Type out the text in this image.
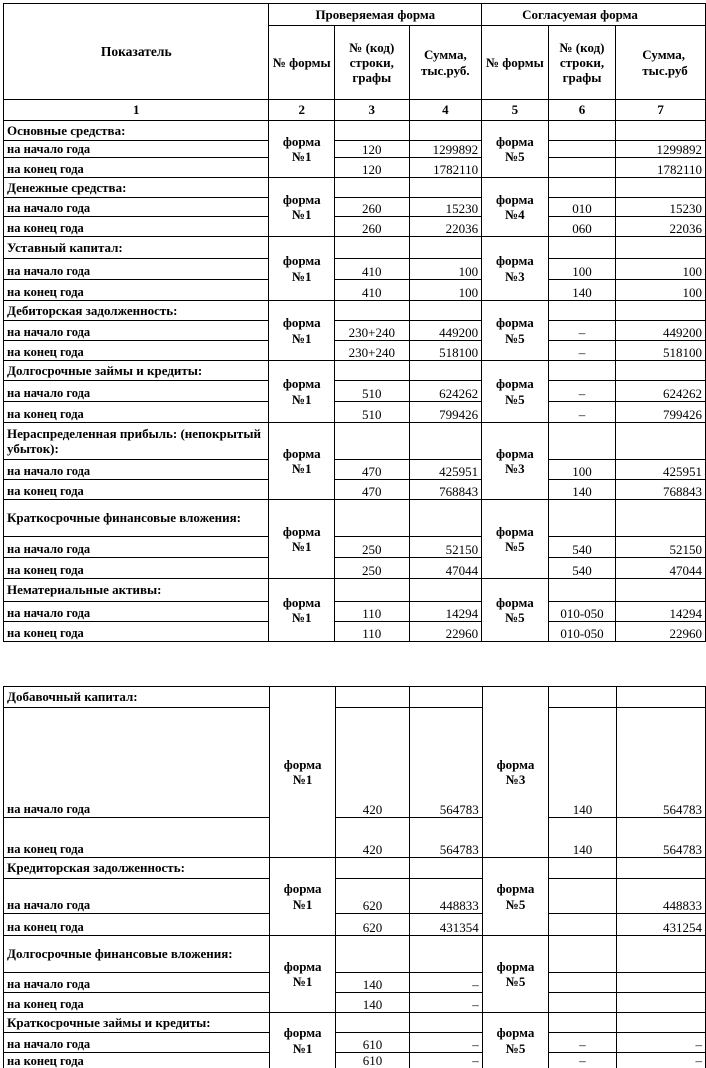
Показатель	Проверяемая форма			Согласуемая форма		
	№ формы	№ (код) строки, графы	Сумма, тыс.руб.	№ формы	№ (код) строки, графы	Сумма, тыс.руб
1	2	3	4	5	6	7
Основные средства:	форма №1			форма №5		
на начало года		120	1299892			1299892
на конец года		120	1782110			1782110
Денежные средства:	форма №1			форма №4		
на начало года		260	15230		010	15230
на конец года		260	22036		060	22036
Уставный капитал:	форма №1			форма №3		
на начало года		410	100		100	100
на конец года		410	100		140	100
Дебиторская задолженность:	форма №1			форма №5		
на начало года		230+240	449200		–	449200
на конец года		230+240	518100		–	518100
Долгосрочные займы и кредиты:	форма №1			форма №5		
на начало года		510	624262		–	624262
на конец года		510	799426		–	799426
Нераспределенная прибыль: (непокрытый убыток):	форма №1			форма №3		
на начало года		470	425951		100	425951
на конец года		470	768843		140	768843
Краткосрочные финансовые вложения:	форма №1			форма №5		
на начало года		250	52150		540	52150
на конец года		250	47044		540	47044
Нематериальные активы:	форма №1			форма №5		
на начало года		110	14294		010-050	14294
на конец года		110	22960		010-050	22960
Добавочный капитал:	форма №1			форма №3		
на начало года		420	564783		140	564783
на конец года		420	564783		140	564783
Кредиторская задолженность:	форма №1			форма №5		
на начало года		620	448833			448833
на конец года		620	431354			431254
Долгосрочные финансовые вложения:	форма №1			форма №5		
на начало года		140	–			
на конец года		140	–			
Краткосрочные займы и кредиты:	форма №1			форма №5		
на начало года		610	–		–	–
на конец года		610	–		–	–
